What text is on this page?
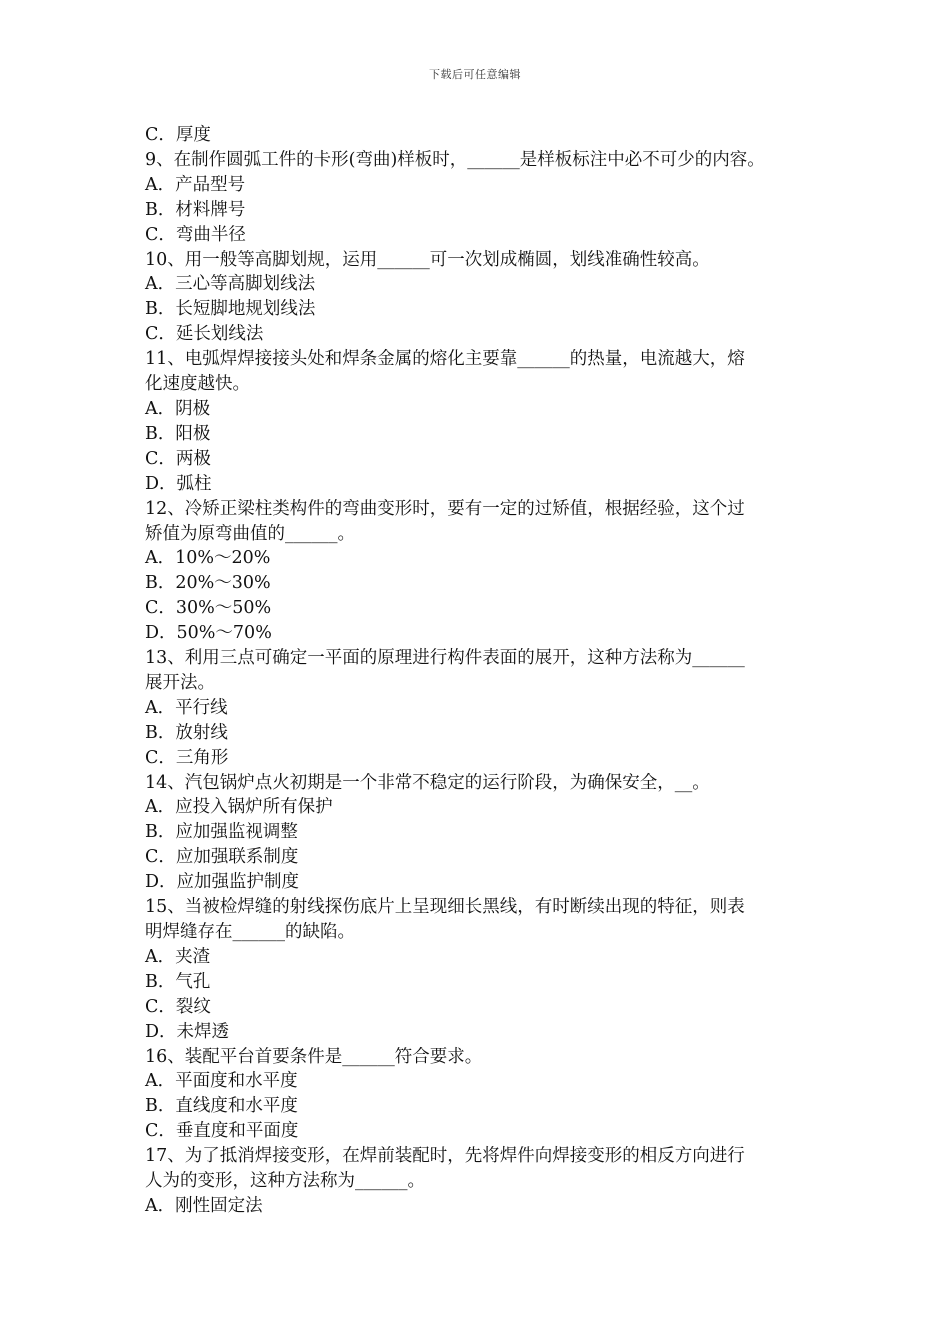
下载后可任意编辑

C．厚度

9、在制作圆弧工件的卡形(弯曲)样板时，______是样板标注中必不可少的内容。

A．产品型号

B．材料牌号

C．弯曲半径

10、用一般等高脚划规，运用______可一次划成椭圆，划线准确性较高。

A．三心等高脚划线法

B．长短脚地规划线法

C．延长划线法

11、电弧焊焊接接头处和焊条金属的熔化主要靠______的热量，电流越大，熔

化速度越快。

A．阴极

B．阳极

C．两极

D．弧柱

12、冷矫正梁柱类构件的弯曲变形时，要有一定的过矫值，根据经验，这个过

矫值为原弯曲值的______。

A．10%～20%

B．20%～30%

C．30%～50%

D．50%～70%

13、利用三点可确定一平面的原理进行构件表面的展开，这种方法称为______

展开法。

A．平行线

B．放射线

C．三角形

14、汽包锅炉点火初期是一个非常不稳定的运行阶段，为确保安全，__。

A．应投入锅炉所有保护

B．应加强监视调整

C．应加强联系制度

D．应加强监护制度

15、当被检焊缝的射线探伤底片上呈现细长黑线，有时断续出现的特征，则表

明焊缝存在______的缺陷。

A．夹渣

B．气孔

C．裂纹

D．未焊透

16、装配平台首要条件是______符合要求。

A．平面度和水平度

B．直线度和水平度

C．垂直度和平面度

17、为了抵消焊接变形，在焊前装配时，先将焊件向焊接变形的相反方向进行

人为的变形，这种方法称为______。

A．刚性固定法
